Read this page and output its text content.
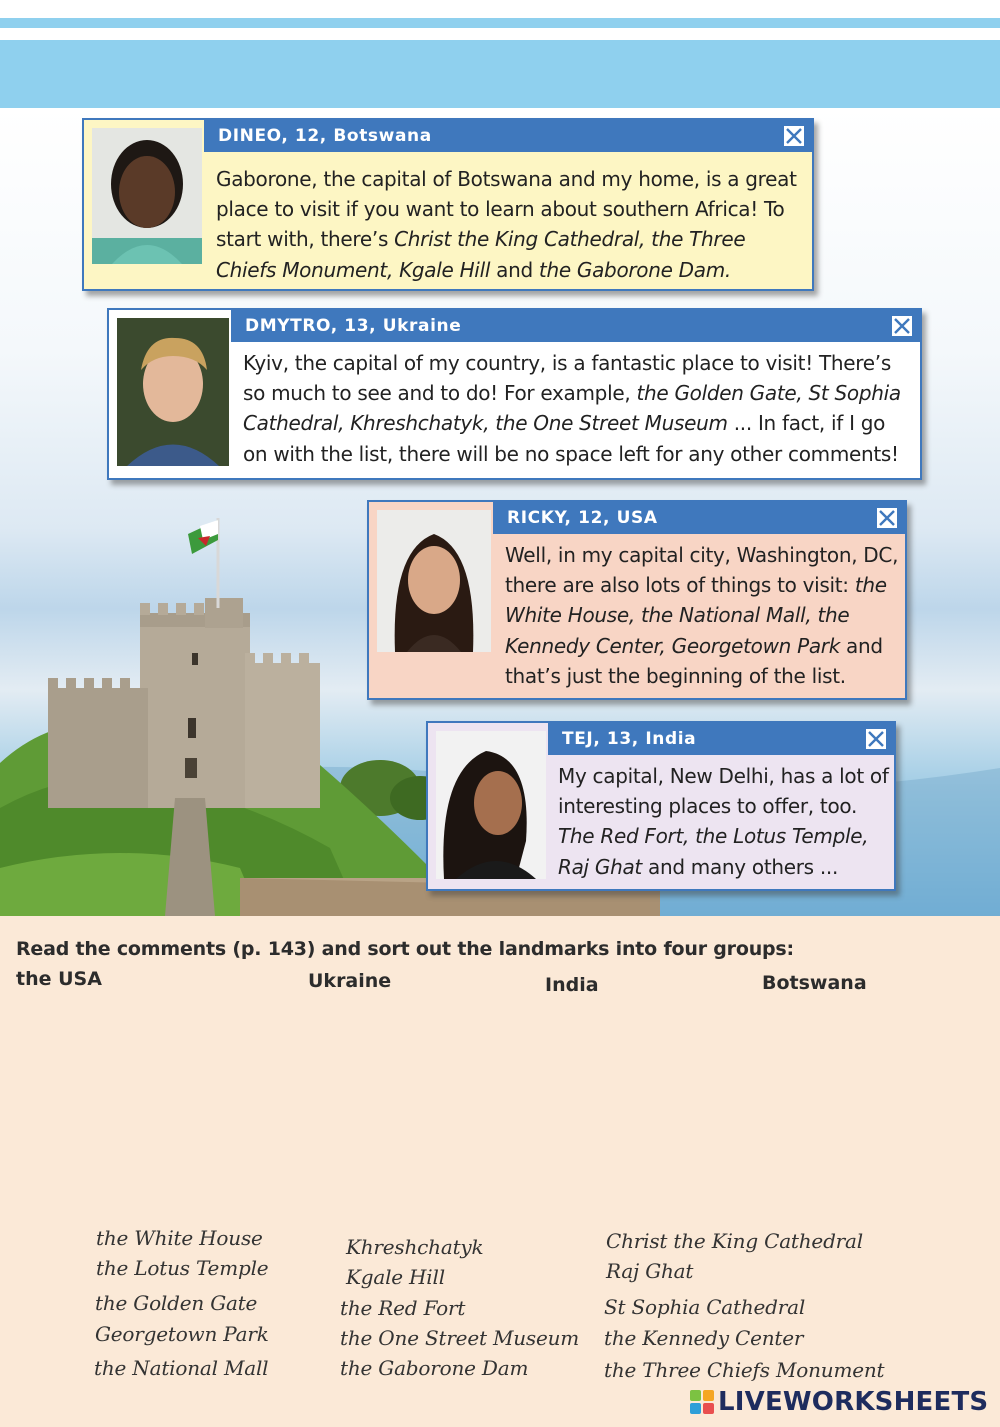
DINEO, 12, Botswana
Gaborone, the capital of Botswana and my home, is a great place to visit if you want to learn about southern Africa! To start with, there’s Christ the King Cathedral, the Three Chiefs Monument, Kgale Hill and the Gaborone Dam.
DMYTRO, 13, Ukraine
Kyiv, the capital of my country, is a fantastic place to visit! There’s so much to see and to do! For example, the Golden Gate, St Sophia Cathedral, Khreshchatyk, the One Street Museum ... In fact, if I go on with the list, there will be no space left for any other comments!
RICKY, 12, USA
Well, in my capital city, Washington, DC, there are also lots of things to visit: the White House, the National Mall, the Kennedy Center, Georgetown Park and that’s just the beginning of the list.
TEJ, 13, India
My capital, New Delhi, has a lot of interesting places to offer, too. The Red Fort, the Lotus Temple, Raj Ghat and many others ...
Read the comments (p. 143) and sort out the landmarks into four groups:
the USA	Ukraine	India	Botswana
the White House
the Lotus Temple
the Golden Gate
Georgetown Park
the National Mall
Khreshchatyk
Kgale Hill
the Red Fort
the One Street Museum
the Gaborone Dam
Christ the King Cathedral
Raj Ghat
St Sophia Cathedral
the Kennedy Center
the Three Chiefs Monument
LIVEWORKSHEETS
